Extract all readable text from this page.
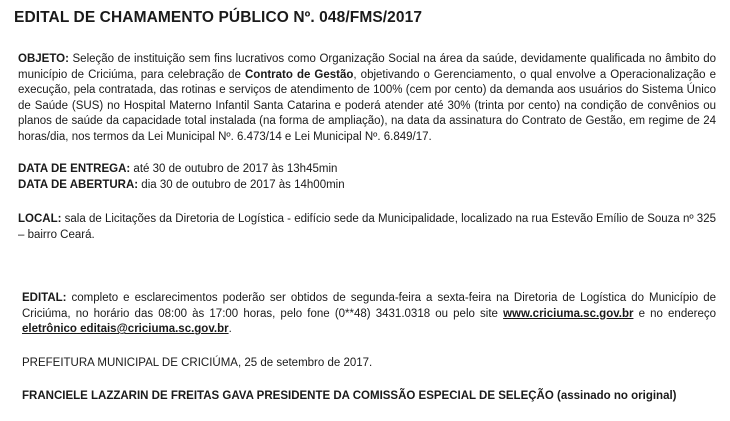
EDITAL DE CHAMAMENTO PÚBLICO Nº. 048/FMS/2017
OBJETO: Seleção de instituição sem fins lucrativos como Organização Social na área da saúde, devidamente qualificada no âmbito do município de Criciúma, para celebração de Contrato de Gestão, objetivando o Gerenciamento, o qual envolve a Operacionalização e execução, pela contratada, das rotinas e serviços de atendimento de 100% (cem por cento) da demanda aos usuários do Sistema Único de Saúde (SUS) no Hospital Materno Infantil Santa Catarina e poderá atender até 30% (trinta por cento) na condição de convênios ou planos de saúde da capacidade total instalada (na forma de ampliação), na data da assinatura do Contrato de Gestão, em regime de 24 horas/dia, nos termos da Lei Municipal Nº. 6.473/14 e Lei Municipal Nº. 6.849/17.
DATA DE ENTREGA: até 30 de outubro de 2017 às 13h45min
DATA DE ABERTURA: dia 30 de outubro de 2017 às 14h00min
LOCAL: sala de Licitações da Diretoria de Logística - edifício sede da Municipalidade, localizado na rua Estevão Emílio de Souza nº 325 – bairro Ceará.
EDITAL: completo e esclarecimentos poderão ser obtidos de segunda-feira a sexta-feira na Diretoria de Logística do Município de Criciúma, no horário das 08:00 às 17:00 horas, pelo fone (0**48) 3431.0318 ou pelo site www.criciuma.sc.gov.br e no endereço eletrônico editais@criciuma.sc.gov.br.
PREFEITURA MUNICIPAL DE CRICIÚMA, 25 de setembro de 2017.
FRANCIELE LAZZARIN DE FREITAS GAVA PRESIDENTE DA COMISSÃO ESPECIAL DE SELEÇÃO (assinado no original)
